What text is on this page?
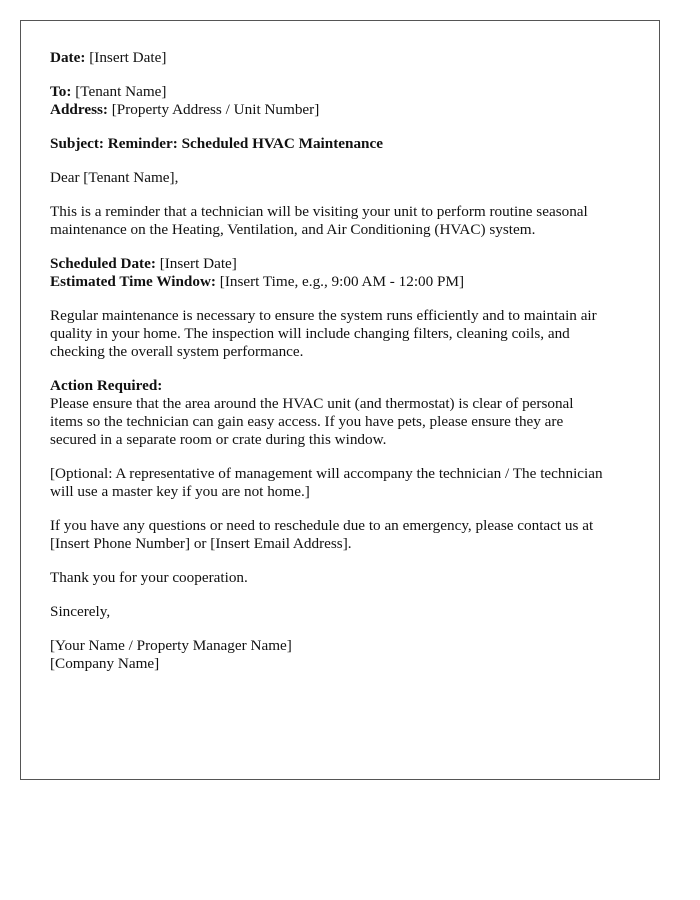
Date: [Insert Date]
To: [Tenant Name]
Address: [Property Address / Unit Number]
Subject: Reminder: Scheduled HVAC Maintenance
Dear [Tenant Name],
This is a reminder that a technician will be visiting your unit to perform routine seasonal
maintenance on the Heating, Ventilation, and Air Conditioning (HVAC) system.
Scheduled Date: [Insert Date]
Estimated Time Window: [Insert Time, e.g., 9:00 AM - 12:00 PM]
Regular maintenance is necessary to ensure the system runs efficiently and to maintain air
quality in your home. The inspection will include changing filters, cleaning coils, and
checking the overall system performance.
Action Required:
Please ensure that the area around the HVAC unit (and thermostat) is clear of personal
items so the technician can gain easy access. If you have pets, please ensure they are
secured in a separate room or crate during this window.
[Optional: A representative of management will accompany the technician / The technician
will use a master key if you are not home.]
If you have any questions or need to reschedule due to an emergency, please contact us at
[Insert Phone Number] or [Insert Email Address].
Thank you for your cooperation.
Sincerely,
[Your Name / Property Manager Name]
[Company Name]
